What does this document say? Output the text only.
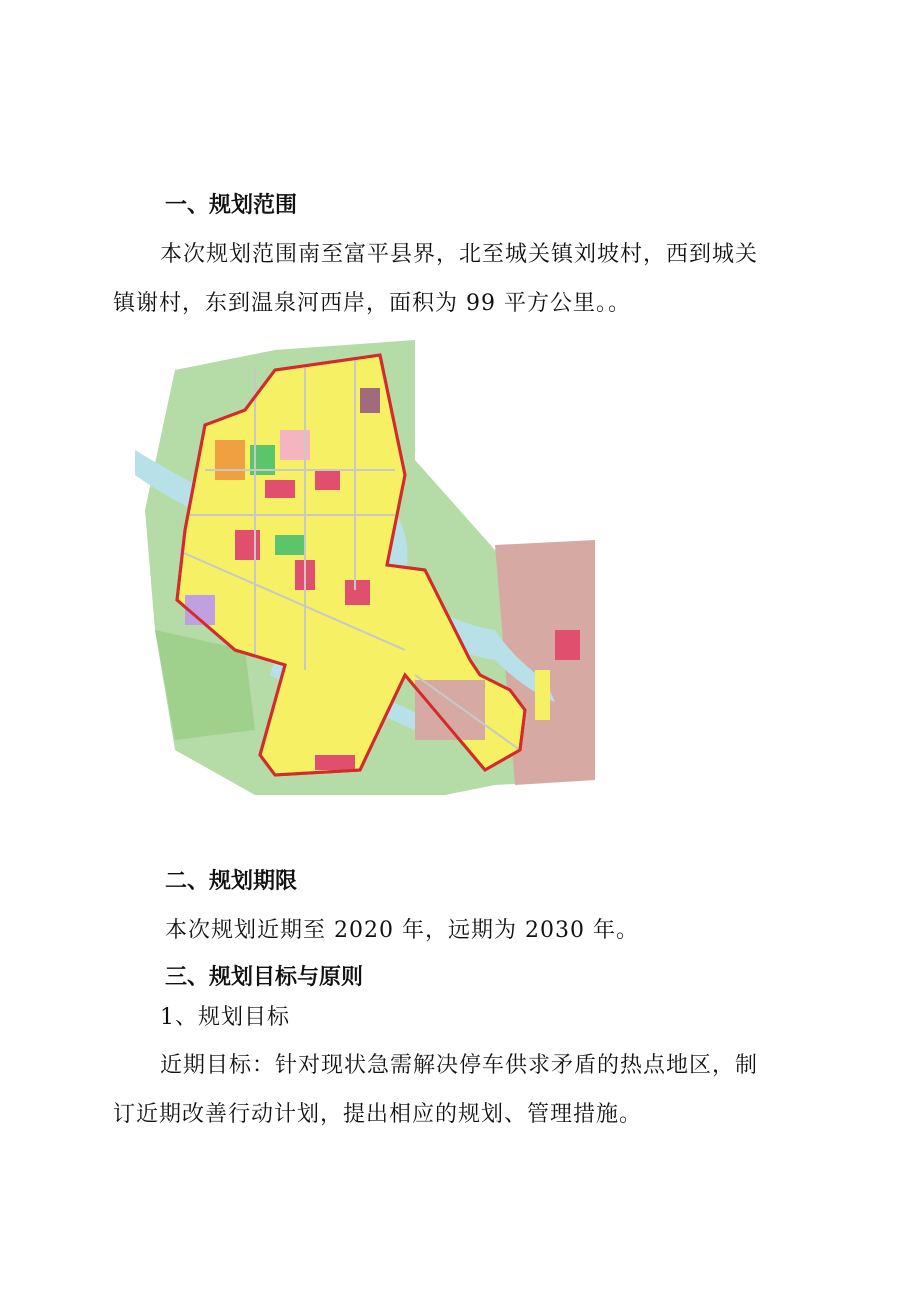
一、规划范围

本次规划范围南至富平县界，北至城关镇刘坡村，西到城关

镇谢村，东到温泉河西岸，面积为 99 平方公里。。

二、规划期限

本次规划近期至 2020 年，远期为 2030 年。

三、规划目标与原则

1、规划目标

近期目标：针对现状急需解决停车供求矛盾的热点地区，制

订近期改善行动计划，提出相应的规划、管理措施。
